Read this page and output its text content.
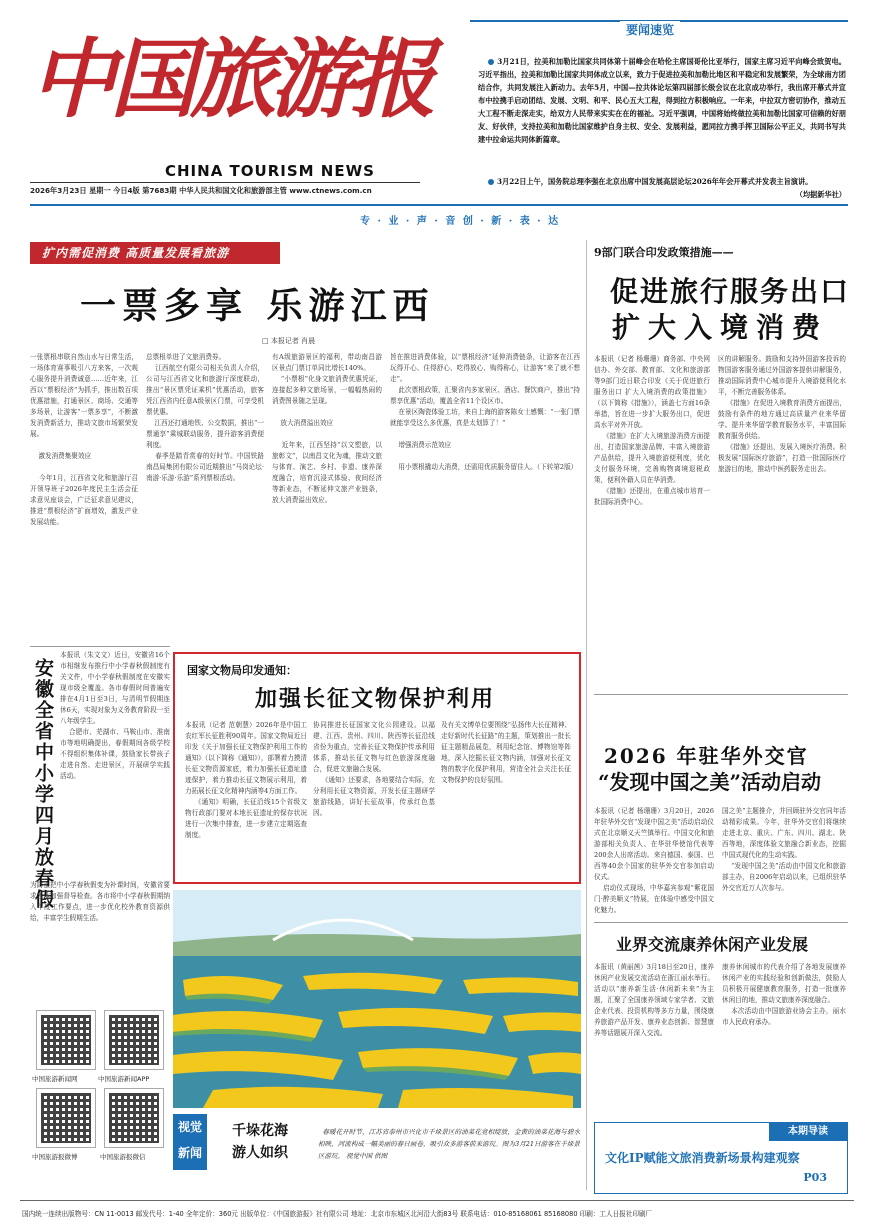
中国旅游报
CHINA TOURISM NEWS
2026年3月23日 星期一 今日4版 第7683期 中华人民共和国文化和旅游部主管 www.ctnews.com.cn
要闻速览

3月21日，拉美和加勒比国家共同体第十届峰会在哈伦主席国哥伦比亚举行，国家主席习近平向峰会致贺电。习近平指出，拉美和加勒比国家共同体成立以来，致力于促进拉美和加勒比地区和平稳定和发展繁荣，为全球南方团结合作，共同发展注入新动力。去年5月，中国—拉共体论坛第四届部长级会议在北京成功举行，我出席开幕式并宣布中拉携手启动团结、发展、文明、和平、民心五大工程，得到拉方积极响应。一年来，中拉双方密切协作，推动五大工程不断走深走实，给双方人民带来实实在在的福祉。习近平强调，中国将始终做拉美和加勒比国家可信赖的好朋友、好伙伴，支持拉美和加勒比国家维护自身主权、安全、发展利益，愿同拉方携手挥卫国际公平正义，共同书写共建中拉命运共同体新篇章。

3月22日上午，国务院总理李强在北京出席中国发展高层论坛2026年年会开幕式并发表主旨演讲。

（均据新华社）

专 · 业 · 声 · 音 创 · 新 · 表 · 达
扩内需促消费 高质量发展看旅游
一票多享 乐游江西
□ 本报记者 肖晨
一张票根串联自然山水与日常生活，一场体育赛事吸引八方来客，一次观心服务提升消费诚意……近年来，江西以“票根经济”为抓手，推出数百项优惠措施，打通景区、商场、交通等多场景，让游客“一票多享”，不断激发消费新活力，推动文旅市场繁荣发展。

激发消费集聚效应

今年1月，江西省文化和旅游厅召开领导班子2026年度民主生活会征求意见座谈会，广泛征求意见建议，推进“票根经济”扩面增效，激发产业发展动能。
总票根单进了文旅消费券。
江西航空有限公司相关负责人介绍，公司与江西省文化和旅游厅深度联动，推出“景区票凭证乘机”优惠活动，旅客凭江西省内任意A级景区门票，可享受机票优惠。
江西还打通地铁、公交数据，推出“一票通享”乘城联动服务，提升游客消费便利度。
春季是踏青赏春的好时节。中国铁路南昌局集团有限公司近期推出“马岗论坛·南游·乐游·乐游”系列票根活动。
有A级旅游景区的福利，带动南昌游区景点门票订单同比增长140%。
“小票根”化身文旅消费优惠凭证，连接起多种文旅场景，一幅幅热闹的消费图景随之呈现。

放大消费溢出效应

近年来，江西坚持“以文塑旅，以旅彰文”，以南昌文化为魂，推动文旅与体育、演艺、乡村、非遗、康养深度融合，培育沉浸式体验、夜间经济等新业态，不断延伸文旅产业链条，放大消费溢出效应。
旨在推进消费体验，以“票根经济”延伸消费链条，让游客在江西玩得开心、住得舒心、吃得放心、购得称心，让游客“来了就不想走”。
此次票根政策，汇聚省内多家景区、酒店、餐饮商户，推出“持票享优惠”活动，覆盖全省11个设区市。
在景区陶瓷体验工坊，来自上海的游客陈女士感慨：“一张门票就能享受这么多优惠，真是太划算了！”

增强消费示范效应

用小票根撬动大消费，还需用优质服务留住人。（下转第2版）
9部门联合印发政策措施——
促进旅行服务出口
扩大入境消费
本报讯（记者 杨珊珊）商务部、中央网信办、外交部、教育部、文化和旅游部等9部门近日联合印发《关于促进旅行服务出口 扩大入境消费的政策措施》（以下简称《措施》），涵盖七方面16条举措，旨在进一步扩大服务出口，促进高水平对外开放。
《措施》在扩大入境旅游消费方面提出，打造国家旅游品牌，丰富入境旅游产品供给，提升入境旅游便利度，优化支付服务环境，完善购物离境退税政策，便利外籍人员在华消费。
《措施》还提出，在重点城市培育一批国际消费中心。
区的讲解服务。鼓励和支持外国游客投诉的物国游客服务通过外国游客提供讲解服务，推动国际消费中心城市提升入境游便利化水平，不断完善服务体系。
《措施》在促进入境教育消费方面提出，鼓励有条件的地方通过高质量产业来华留学。提升来华留学教育服务水平，丰富国际教育服务供给。
《措施》还提出，发展入境医疗消费。积极发展“国际医疗旅游”，打造一批国际医疗旅游目的地，推动中医药服务走出去。
安徽全省中小学四月放春假
本报讯（朱文文）近日，安徽省16个市相继发布推行中小学春秋假制度有关文件，中小学春秋假制度在安徽实现市级全覆盖。各市春假时间普遍安排在4月1日至3日，与清明节假期连休6天，实现对象为义务教育阶段一至八年级学生。
合肥市、芜湖市、马鞍山市、淮南市等地明确提出，春假期间各级学校不得组织集体补课，鼓励家长带孩子走进自然、走进景区，开展研学实践活动。
为防止把中小学春秋假变为补课时间，安徽省要求各地加强督导检查。各市将中小学春秋假期纳入年度工作要点，进一步优化校外教育资源供给，丰富学生假期生活。
国家文物局印发通知：
加强长征文物保护利用
本报讯（记者 范朝慧）2026年是中国工农红军长征胜利90周年。国家文物局近日印发《关于加强长征文物保护利用工作的通知》（以下简称《通知》），部署着力摸清长征文物资源家底，着力加强长征遗址遗迹保护，着力推动长征文物展示利用，着力拓展长征文化精神内涵等4方面工作。
《通知》明确，长征沿线15个省级文物行政部门要对本地长征遗址的保存状况进行一次集中排查，进一步建立定期巡查制度。
协同推进长征国家文化公园建设。以福建、江西、贵州、四川、陕西等长征沿线省份为重点，完善长征文物保护传承利用体系，推动长征文物与红色旅游深度融合，促进文旅融合发展。
《通知》还要求，各地要结合实际，充分利用长征文物资源，开发长征主题研学旅游线路，讲好长征故事，传承红色基因。
及有关文博单位要围绕“弘扬伟大长征精神、走好新时代长征路”的主题，策划推出一批长征主题精品展览，利用纪念馆、博物馆等阵地，深入挖掘长征文物内涵，加强对长征文物的数字化保护利用，营造全社会关注长征文物保护的良好氛围。
视觉
新闻
千垛花海
游人如织

春暖花开时节，江苏省泰州市兴化市千垛景区的油菜花竞相绽放，金黄的油菜花海与碧水相映，河流构成一幅美丽的春日画卷，吸引众多游客前来游玩。图为3月21日游客在千垛景区游玩。 视觉中国 供图

中国旅游新闻网	中国旅游新闻APP
中国旅游报微博	中国旅游报微信
2026 年驻华外交官
“发现中国之美”活动启动
本报讯（记者 杨珊珊）3月20日，2026年驻华外交官“发现中国之美”活动启动仪式在北京顺义天竺镇举行。中国文化和旅游部相关负责人、在华驻华使馆代表等200余人出席活动。来自德国、泰国、巴西等40余个国家的驻华外交官参加启动仪式。
启动仪式现场，中华嘉宾参观“紫花国门·醉美顺义”特展，在体验中感受中国文化魅力。
国之美”主题推介，并回顾驻外交官同年活动精彩成果。今年，驻华外交官们将继续走进北京、重庆、广东、四川、湖北、陕西等地，深度体验文旅融合新业态，挖掘中国式现代化的生动实践。
“发现中国之美”活动由中国文化和旅游部主办，自2006年启动以来，已组织驻华外交官近万人次参与。
业界交流康养休闲产业发展
本报讯（黄丽茜）3月18日至20日，康养休闲产业发展交流活动在浙江丽水举行。活动以“康养新生活·休闲新未来”为主题，汇聚了全国康养领域专家学者、文旅企业代表、投资机构等多方力量，围绕康养旅游产品开发、康养业态创新、智慧康养等话题展开深入交流。
康养休闲城市的代表介绍了各地发展康养休闲产业的实践经验和创新做法，鼓励人员积极开展健康教育服务，打造一批康养休闲目的地，推动文旅康养深度融合。
本次活动由中国旅游业协会主办，丽水市人民政府承办。
本期导读
文化IP赋能文旅消费新场景构建观察
P03
国内统一连续出版物号：CN 11-0013 邮发代号：1-40 全年定价：360元 出版单位：《中国旅游报》社有限公司 地址：北京市东城区北河沿大街83号 联系电话：010-85168061 85168080 印刷：工人日报社印刷厂
